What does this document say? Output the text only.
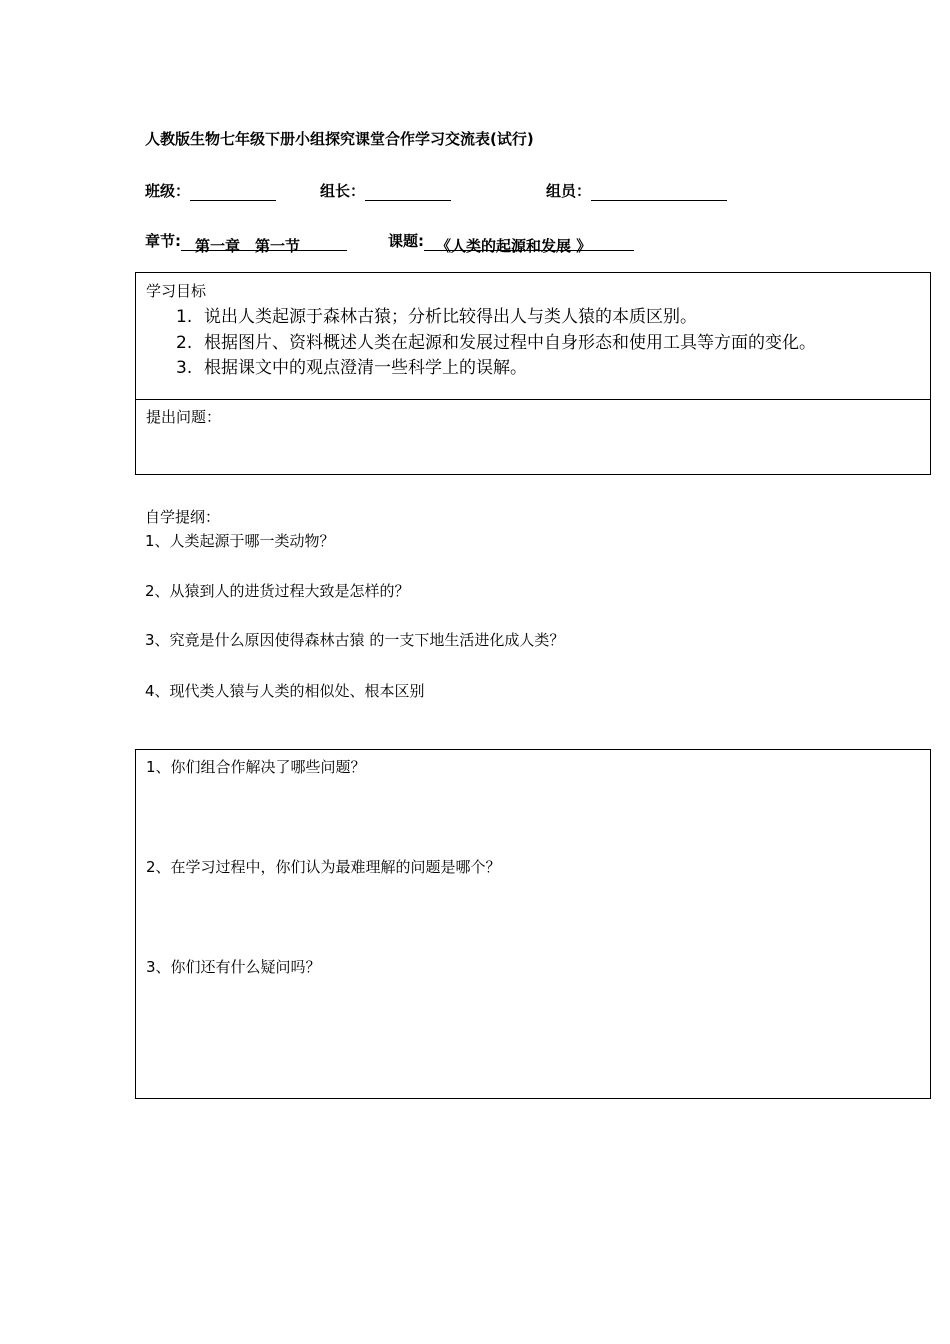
人教版生物七年级下册小组探究课堂合作学习交流表(试行)
班级：	组长：	组员：
章节: 第一章　第一节	课题: 《人类的起源和发展 》
学习目标
1. 说出人类起源于森林古猿；分析比较得出人与类人猿的本质区别。
2. 根据图片、资料概述人类在起源和发展过程中自身形态和使用工具等方面的变化。
3. 根据课文中的观点澄清一些科学上的误解。
提出问题：
自学提纲：
1、人类起源于哪一类动物？
2、从猿到人的进货过程大致是怎样的？
3、究竟是什么原因使得森林古猿 的一支下地生活进化成人类？
4、现代类人猿与人类的相似处、根本区别
1、你们组合作解决了哪些问题？
2、在学习过程中，你们认为最难理解的问题是哪个？
3、你们还有什么疑问吗？
